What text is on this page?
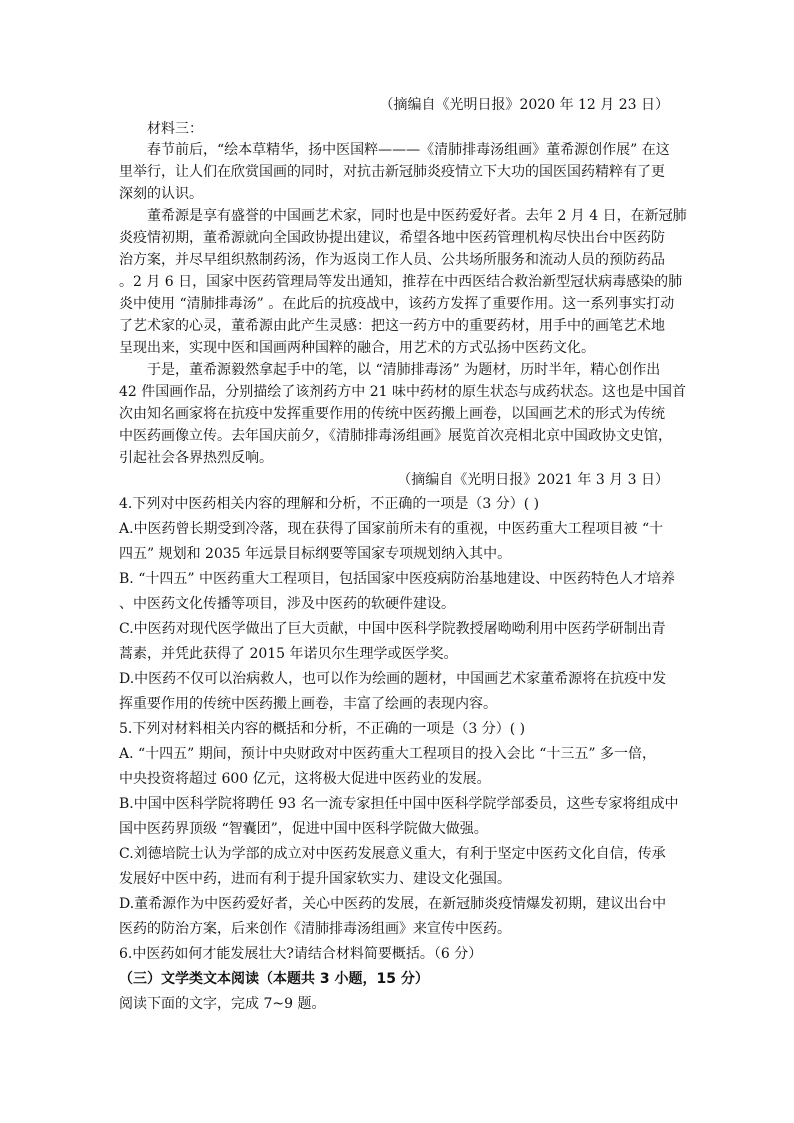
（摘编自《光明日报》2020 年 12 月 23 日）
材料三：
春节前后，“绘本草精华，扬中医国粹———《清肺排毒汤组画》董希源创作展” 在这
里举行，让人们在欣赏国画的同时，对抗击新冠肺炎疫情立下大功的国医国药精粹有了更
深刻的认识。
董希源是享有盛誉的中国画艺术家，同时也是中医药爱好者。去年 2 月 4 日，在新冠肺
炎疫情初期，董希源就向全国政协提出建议，希望各地中医药管理机构尽快出台中医药防
治方案，并尽早组织熬制药汤，作为返岗工作人员、公共场所服务和流动人员的预防药品
。2 月 6 日，国家中医药管理局等发出通知，推荐在中西医结合救治新型冠状病毒感染的肺
炎中使用 “清肺排毒汤” 。在此后的抗疫战中，该药方发挥了重要作用。这一系列事实打动
了艺术家的心灵，董希源由此产生灵感：把这一药方中的重要药材，用手中的画笔艺术地
呈现出来，实现中医和国画两种国粹的融合，用艺术的方式弘扬中医药文化。
于是，董希源毅然拿起手中的笔，以 “清肺排毒汤” 为题材，历时半年，精心创作出
42 件国画作品，分别描绘了该剂药方中 21 味中药材的原生状态与成药状态。这也是中国首
次由知名画家将在抗疫中发挥重要作用的传统中医药搬上画卷，以国画艺术的形式为传统
中医药画像立传。去年国庆前夕，《清肺排毒汤组画》展览首次亮相北京中国政协文史馆，
引起社会各界热烈反响。
（摘编自《光明日报》2021 年 3 月 3 日）
4.下列对中医药相关内容的理解和分析，不正确的一项是（3 分）( )
A.中医药曾长期受到冷落，现在获得了国家前所未有的重视，中医药重大工程项目被 “十
四五” 规划和 2035 年远景目标纲要等国家专项规划纳入其中。
B. “十四五” 中医药重大工程项目，包括国家中医疫病防治基地建设、中医药特色人才培养
、中医药文化传播等项目，涉及中医药的软硬件建设。
C.中医药对现代医学做出了巨大贡献，中国中医科学院教授屠呦呦利用中医药学研制出青
蒿素，并凭此获得了 2015 年诺贝尔生理学或医学奖。
D.中医药不仅可以治病救人，也可以作为绘画的题材，中国画艺术家董希源将在抗疫中发
挥重要作用的传统中医药搬上画卷，丰富了绘画的表现内容。
5.下列对材料相关内容的概括和分析，不正确的一项是（3 分）( )
A. “十四五” 期间，预计中央财政对中医药重大工程项目的投入会比 “十三五” 多一倍，
中央投资将超过 600 亿元，这将极大促进中医药业的发展。
B.中国中医科学院将聘任 93 名一流专家担任中国中医科学院学部委员，这些专家将组成中
国中医药界顶级 “智囊团”，促进中国中医科学院做大做强。
C.刘德培院士认为学部的成立对中医药发展意义重大，有利于坚定中医药文化自信，传承
发展好中医中药，进而有利于提升国家软实力、建设文化强国。
D.董希源作为中医药爱好者，关心中医药的发展，在新冠肺炎疫情爆发初期，建议出台中
医药的防治方案，后来创作《清肺排毒汤组画》来宣传中医药。
6.中医药如何才能发展壮大?请结合材料简要概括。（6 分）
（三）文学类文本阅读（本题共 3 小题，15 分）
阅读下面的文字，完成 7~9 题。
